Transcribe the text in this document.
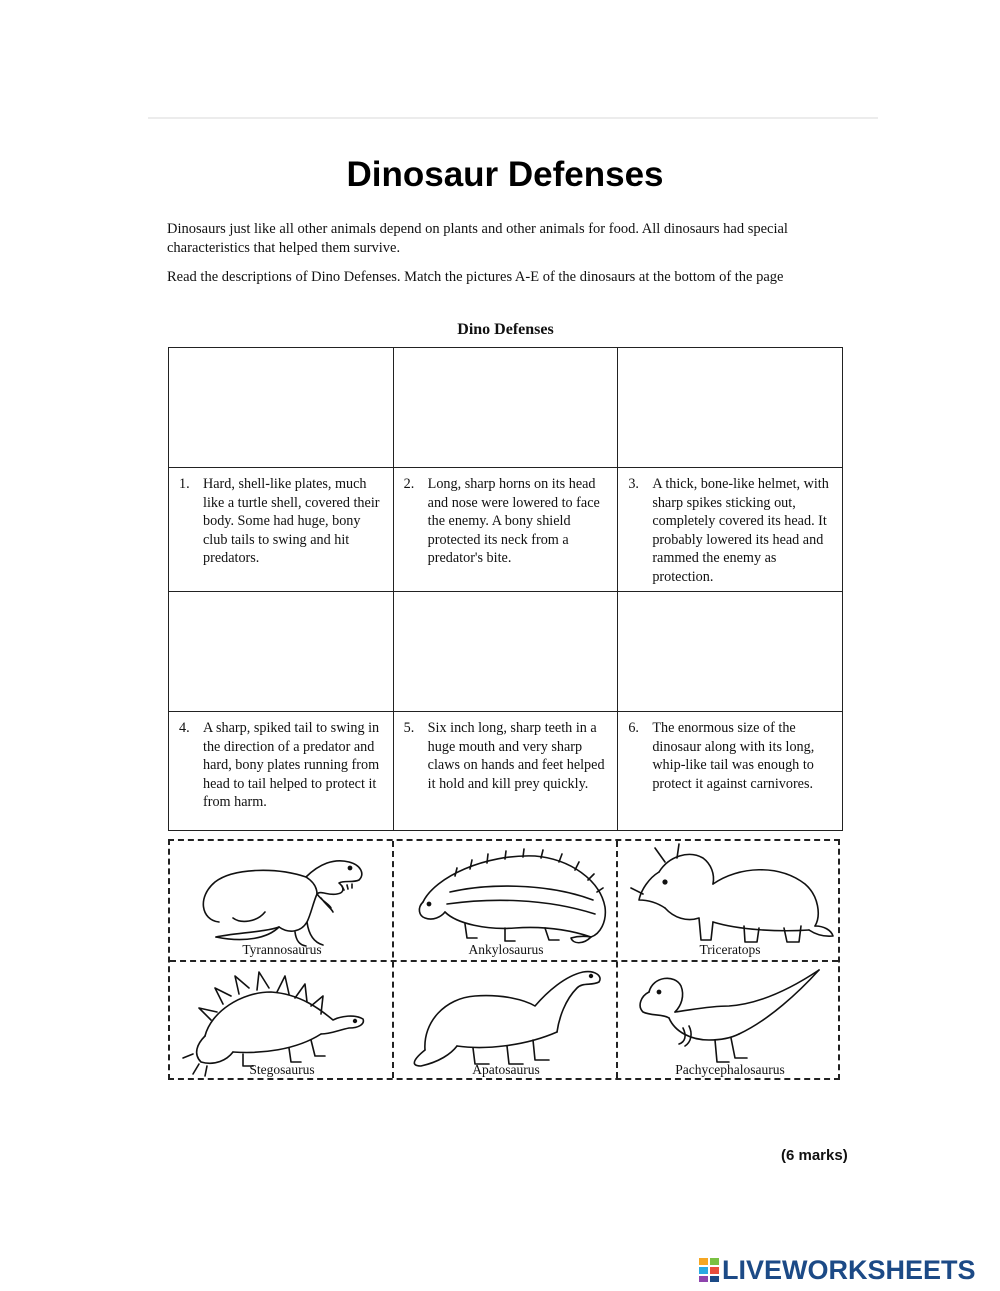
Dinosaur Defenses

Dinosaurs just like all other animals depend on plants and other animals for food. All dinosaurs had special characteristics that helped them survive.

Read the descriptions of Dino Defenses. Match the pictures A-E of the dinosaurs at the bottom of the page

Dino Defenses

1. Hard, shell-like plates, much like a turtle shell, covered their body. Some had huge, bony club tails to swing and hit predators.	2. Long, sharp horns on its head and nose were lowered to face the enemy. A bony shield protected its neck from a predator's bite.	3. A thick, bone-like helmet, with sharp spikes sticking out, completely covered its head. It probably lowered its head and rammed the enemy as protection.

4. A sharp, spiked tail to swing in the direction of a predator and hard, bony plates running from head to tail helped to protect it from harm.	5. Six inch long, sharp teeth in a huge mouth and very sharp claws on hands and feet helped it hold and kill prey quickly.	6. The enormous size of the dinosaur along with its long, whip-like tail was enough to protect it against carnivores.
Tyrannosaurus	Ankylosaurus	Triceratops
Stegosaurus	Apatosaurus	Pachycephalosaurus
(6 marks)
LIVEWORKSHEETS
